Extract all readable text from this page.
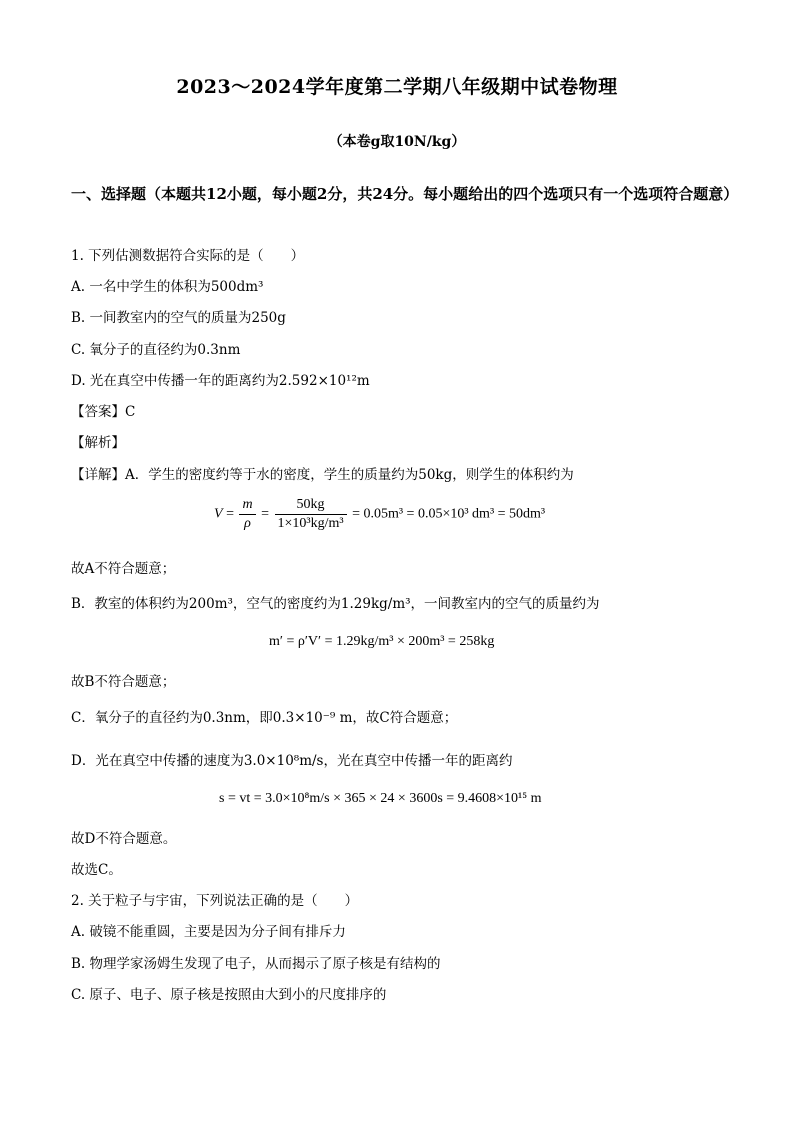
2023～2024学年度第二学期八年级期中试卷物理
（本卷g取10N/kg）
一、选择题（本题共12小题，每小题2分，共24分。每小题给出的四个选项只有一个选项符合题意）
1. 下列估测数据符合实际的是（　　）
A. 一名中学生的体积为500dm³
B. 一间教室内的空气的质量为250g
C. 氧分子的直径约为0.3nm
D. 光在真空中传播一年的距离约为2.592×10¹²m
【答案】C
【解析】
【详解】A．学生的密度约等于水的密度，学生的质量约为50kg，则学生的体积约为
$V = \frac{m}{\rho} = \frac{50kg}{\text{1×10³kg/m³}} = 0.05m^3 = 0.05\times 10^3$ dm³ = 50dm³
故A不符合题意；
B．教室的体积约为200m³，空气的密度约为1.29kg/m³，一间教室内的空气的质量约为
m′ = ρ′V′ = 1.29kg/m³ × 200m³ = 258kg
故B不符合题意；
C．氧分子的直径约为0.3nm，即0.3×10⁻⁹ m，故C符合题意；
D．光在真空中传播的速度为3.0×10⁸m/s，光在真空中传播一年的距离约
s = vt = 3.0×10⁸m/s × 365 × 24 × 3600s = 9.4608×10¹⁵ m
故D不符合题意。
故选C。
2. 关于粒子与宇宙，下列说法正确的是（　　）
A. 破镜不能重圆，主要是因为分子间有排斥力
B. 物理学家汤姆生发现了电子，从而揭示了原子核是有结构的
C. 原子、电子、原子核是按照由大到小的尺度排序的
